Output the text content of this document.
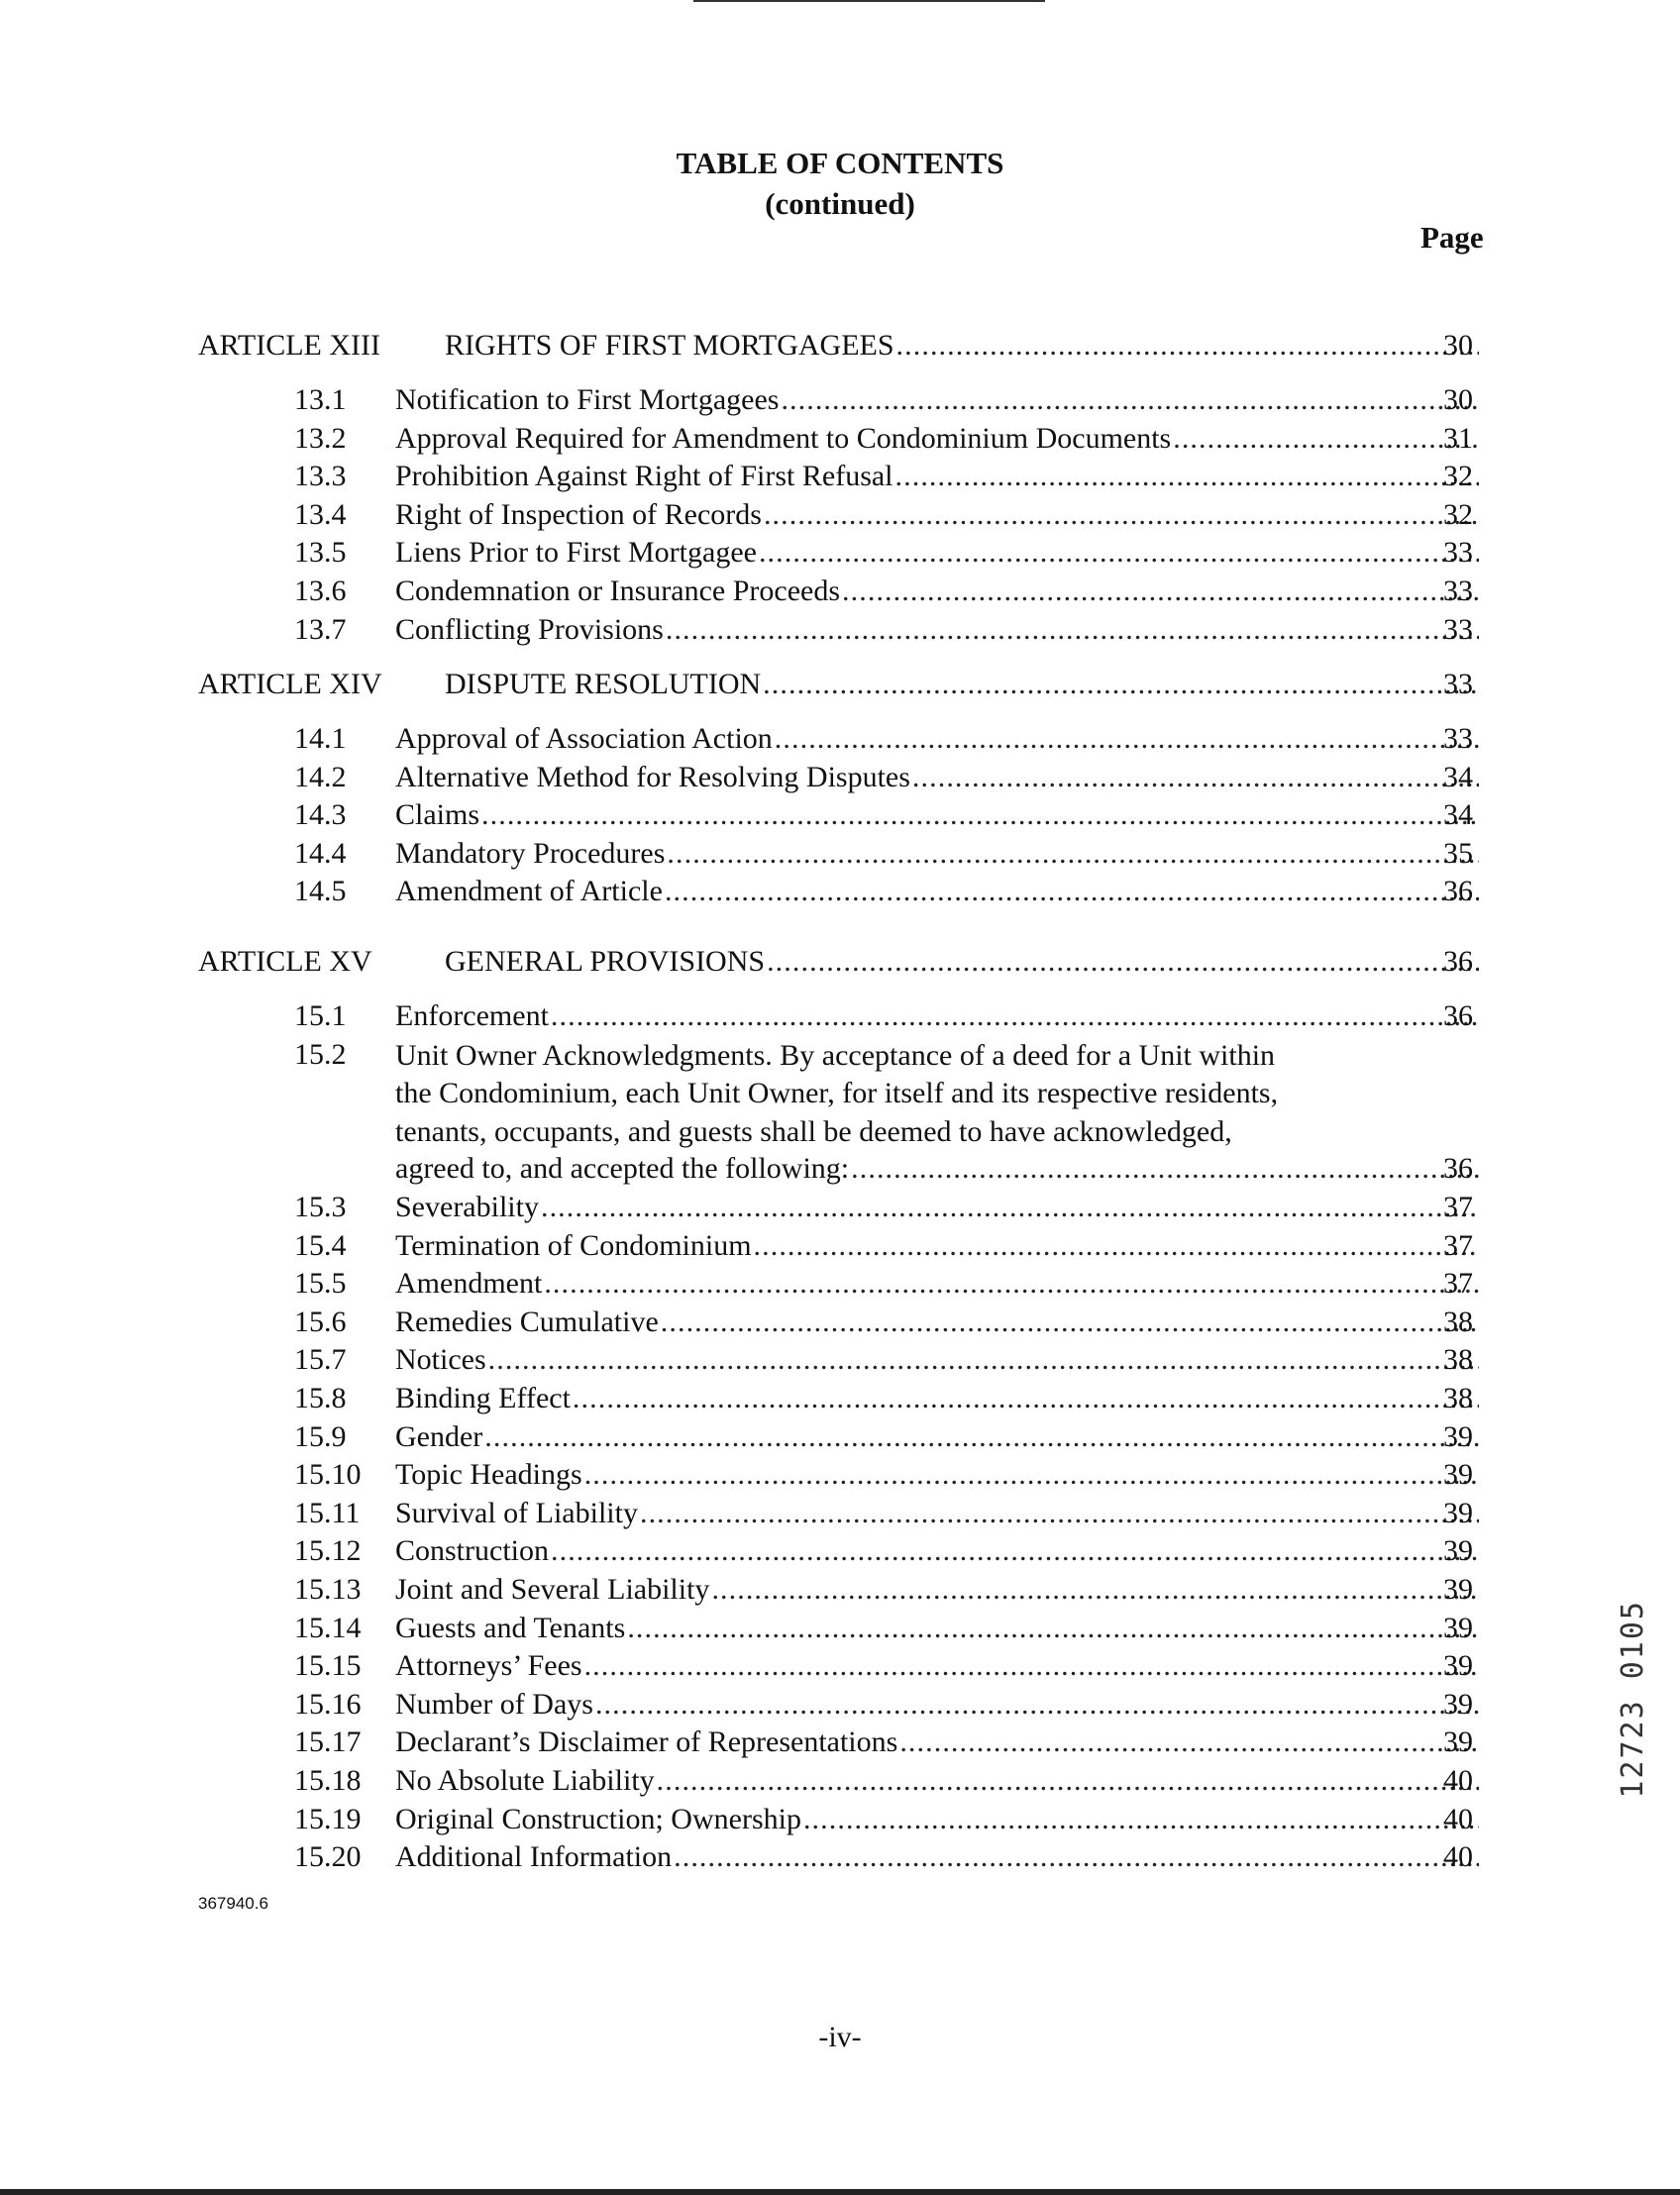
TABLE OF CONTENTS
(continued)
Page
ARTICLE XIII RIGHTS OF FIRST MORTGAGEES .....	30
13.1 Notification to First Mortgagees .....	30
13.2 Approval Required for Amendment to Condominium Documents .....	31
13.3 Prohibition Against Right of First Refusal .....	32
13.4 Right of Inspection of Records .....	32
13.5 Liens Prior to First Mortgagee .....	33
13.6 Condemnation or Insurance Proceeds .....	33
13.7 Conflicting Provisions .....	33
ARTICLE XIV DISPUTE RESOLUTION .....	33
14.1 Approval of Association Action .....	33
14.2 Alternative Method for Resolving Disputes .....	34
14.3 Claims .....	34
14.4 Mandatory Procedures .....	35
14.5 Amendment of Article .....	36
ARTICLE XV GENERAL PROVISIONS .....	36
15.1 Enforcement .....	36
15.2 Unit Owner Acknowledgments. By acceptance of a deed for a Unit within
the Condominium, each Unit Owner, for itself and its respective residents,
tenants, occupants, and guests shall be deemed to have acknowledged,
agreed to, and accepted the following: .....	36
15.3 Severability .....	37
15.4 Termination of Condominium .....	37
15.5 Amendment .....	37
15.6 Remedies Cumulative .....	38
15.7 Notices .....	38
15.8 Binding Effect .....	38
15.9 Gender .....	39
15.10 Topic Headings .....	39
15.11 Survival of Liability .....	39
15.12 Construction .....	39
15.13 Joint and Several Liability .....	39
15.14 Guests and Tenants .....	39
15.15 Attorneys’ Fees .....	39
15.16 Number of Days .....	39
15.17 Declarant’s Disclaimer of Representations .....	39
15.18 No Absolute Liability .....	40
15.19 Original Construction; Ownership .....	40
15.20 Additional Information .....	40
367940.6
-iv-
12723 0105
